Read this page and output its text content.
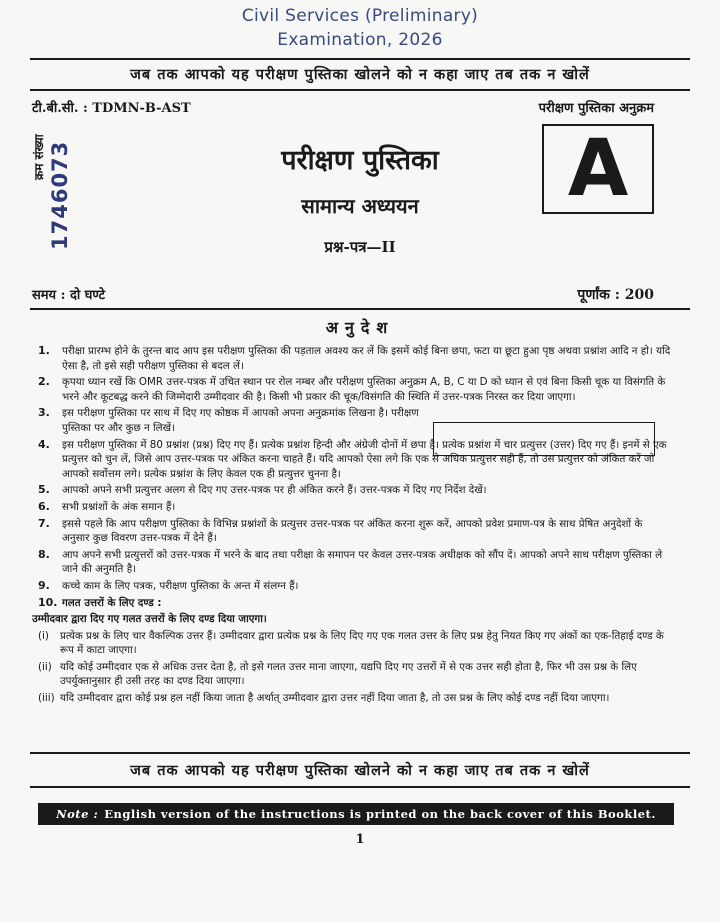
Civil Services (Preliminary)
Examination, 2026
जब तक आपको यह परीक्षण पुस्तिका खोलने को न कहा जाए तब तक न खोलें
टी.बी.सी. : TDMN-B-AST	परीक्षण पुस्तिका अनुक्रम
क्रम संख्या 1746073	परीक्षण पुस्तिका
सामान्य अध्ययन
प्रश्न-पत्र—II
A
समय : दो घण्टे	पूर्णांक : 200
अनुदेश
1. परीक्षा प्रारम्भ होने के तुरन्त बाद आप इस परीक्षण पुस्तिका की पड़ताल अवश्य कर लें कि इसमें कोई बिना छपा, फटा या छूटा हुआ पृष्ठ अथवा प्रश्नांश आदि न हो। यदि ऐसा है, तो इसे सही परीक्षण पुस्तिका से बदल लें।
2. कृपया ध्यान रखें कि OMR उत्तर-पत्रक में उचित स्थान पर रोल नम्बर और परीक्षण पुस्तिका अनुक्रम A, B, C या D को ध्यान से एवं बिना किसी चूक या विसंगति के भरने और कूटबद्ध करने की जिम्मेदारी उम्मीदवार की है। किसी भी प्रकार की चूक/विसंगति की स्थिति में उत्तर-पत्रक निरस्त कर दिया जाएगा।
3. इस परीक्षण पुस्तिका पर साथ में दिए गए कोष्ठक में आपको अपना अनुक्रमांक लिखना है। परीक्षण पुस्तिका पर और कुछ न लिखें।
4. इस परीक्षण पुस्तिका में 80 प्रश्नांश (प्रश्न) दिए गए हैं। प्रत्येक प्रश्नांश हिन्दी और अंग्रेजी दोनों में छपा है। प्रत्येक प्रश्नांश में चार प्रत्युत्तर (उत्तर) दिए गए हैं। इनमें से एक प्रत्युत्तर को चुन लें, जिसे आप उत्तर-पत्रक पर अंकित करना चाहते हैं। यदि आपको ऐसा लगे कि एक से अधिक प्रत्युत्तर सही हैं, तो उस प्रत्युत्तर को अंकित करें जो आपको सर्वोत्तम लगे। प्रत्येक प्रश्नांश के लिए केवल एक ही प्रत्युत्तर चुनना है।
5. आपको अपने सभी प्रत्युत्तर अलग से दिए गए उत्तर-पत्रक पर ही अंकित करने हैं। उत्तर-पत्रक में दिए गए निर्देश देखें।
6. सभी प्रश्नांशों के अंक समान हैं।
7. इससे पहले कि आप परीक्षण पुस्तिका के विभिन्न प्रश्नांशों के प्रत्युत्तर उत्तर-पत्रक पर अंकित करना शुरू करें, आपको प्रवेश प्रमाण-पत्र के साथ प्रेषित अनुदेशों के अनुसार कुछ विवरण उत्तर-पत्रक में देने हैं।
8. आप अपने सभी प्रत्युत्तरों को उत्तर-पत्रक में भरने के बाद तथा परीक्षा के समापन पर केवल उत्तर-पत्रक अधीक्षक को सौंप दें। आपको अपने साथ परीक्षण पुस्तिका ले जाने की अनुमति है।
9. कच्चे काम के लिए पत्रक, परीक्षण पुस्तिका के अन्त में संलग्न हैं।
10. गलत उत्तरों के लिए दण्ड :
उम्मीदवार द्वारा दिए गए गलत उत्तरों के लिए दण्ड दिया जाएगा।
(i) प्रत्येक प्रश्न के लिए चार वैकल्पिक उत्तर हैं। उम्मीदवार द्वारा प्रत्येक प्रश्न के लिए दिए गए एक गलत उत्तर के लिए प्रश्न हेतु नियत किए गए अंकों का एक-तिहाई दण्ड के रूप में काटा जाएगा।
(ii) यदि कोई उम्मीदवार एक से अधिक उत्तर देता है, तो इसे गलत उत्तर माना जाएगा, यद्यपि दिए गए उत्तरों में से एक उत्तर सही होता है, फिर भी उस प्रश्न के लिए उपर्युक्तानुसार ही उसी तरह का दण्ड दिया जाएगा।
(iii) यदि उम्मीदवार द्वारा कोई प्रश्न हल नहीं किया जाता है अर्थात् उम्मीदवार द्वारा उत्तर नहीं दिया जाता है, तो उस प्रश्न के लिए कोई दण्ड नहीं दिया जाएगा।
जब तक आपको यह परीक्षण पुस्तिका खोलने को न कहा जाए तब तक न खोलें
Note : English version of the instructions is printed on the back cover of this Booklet.
1
